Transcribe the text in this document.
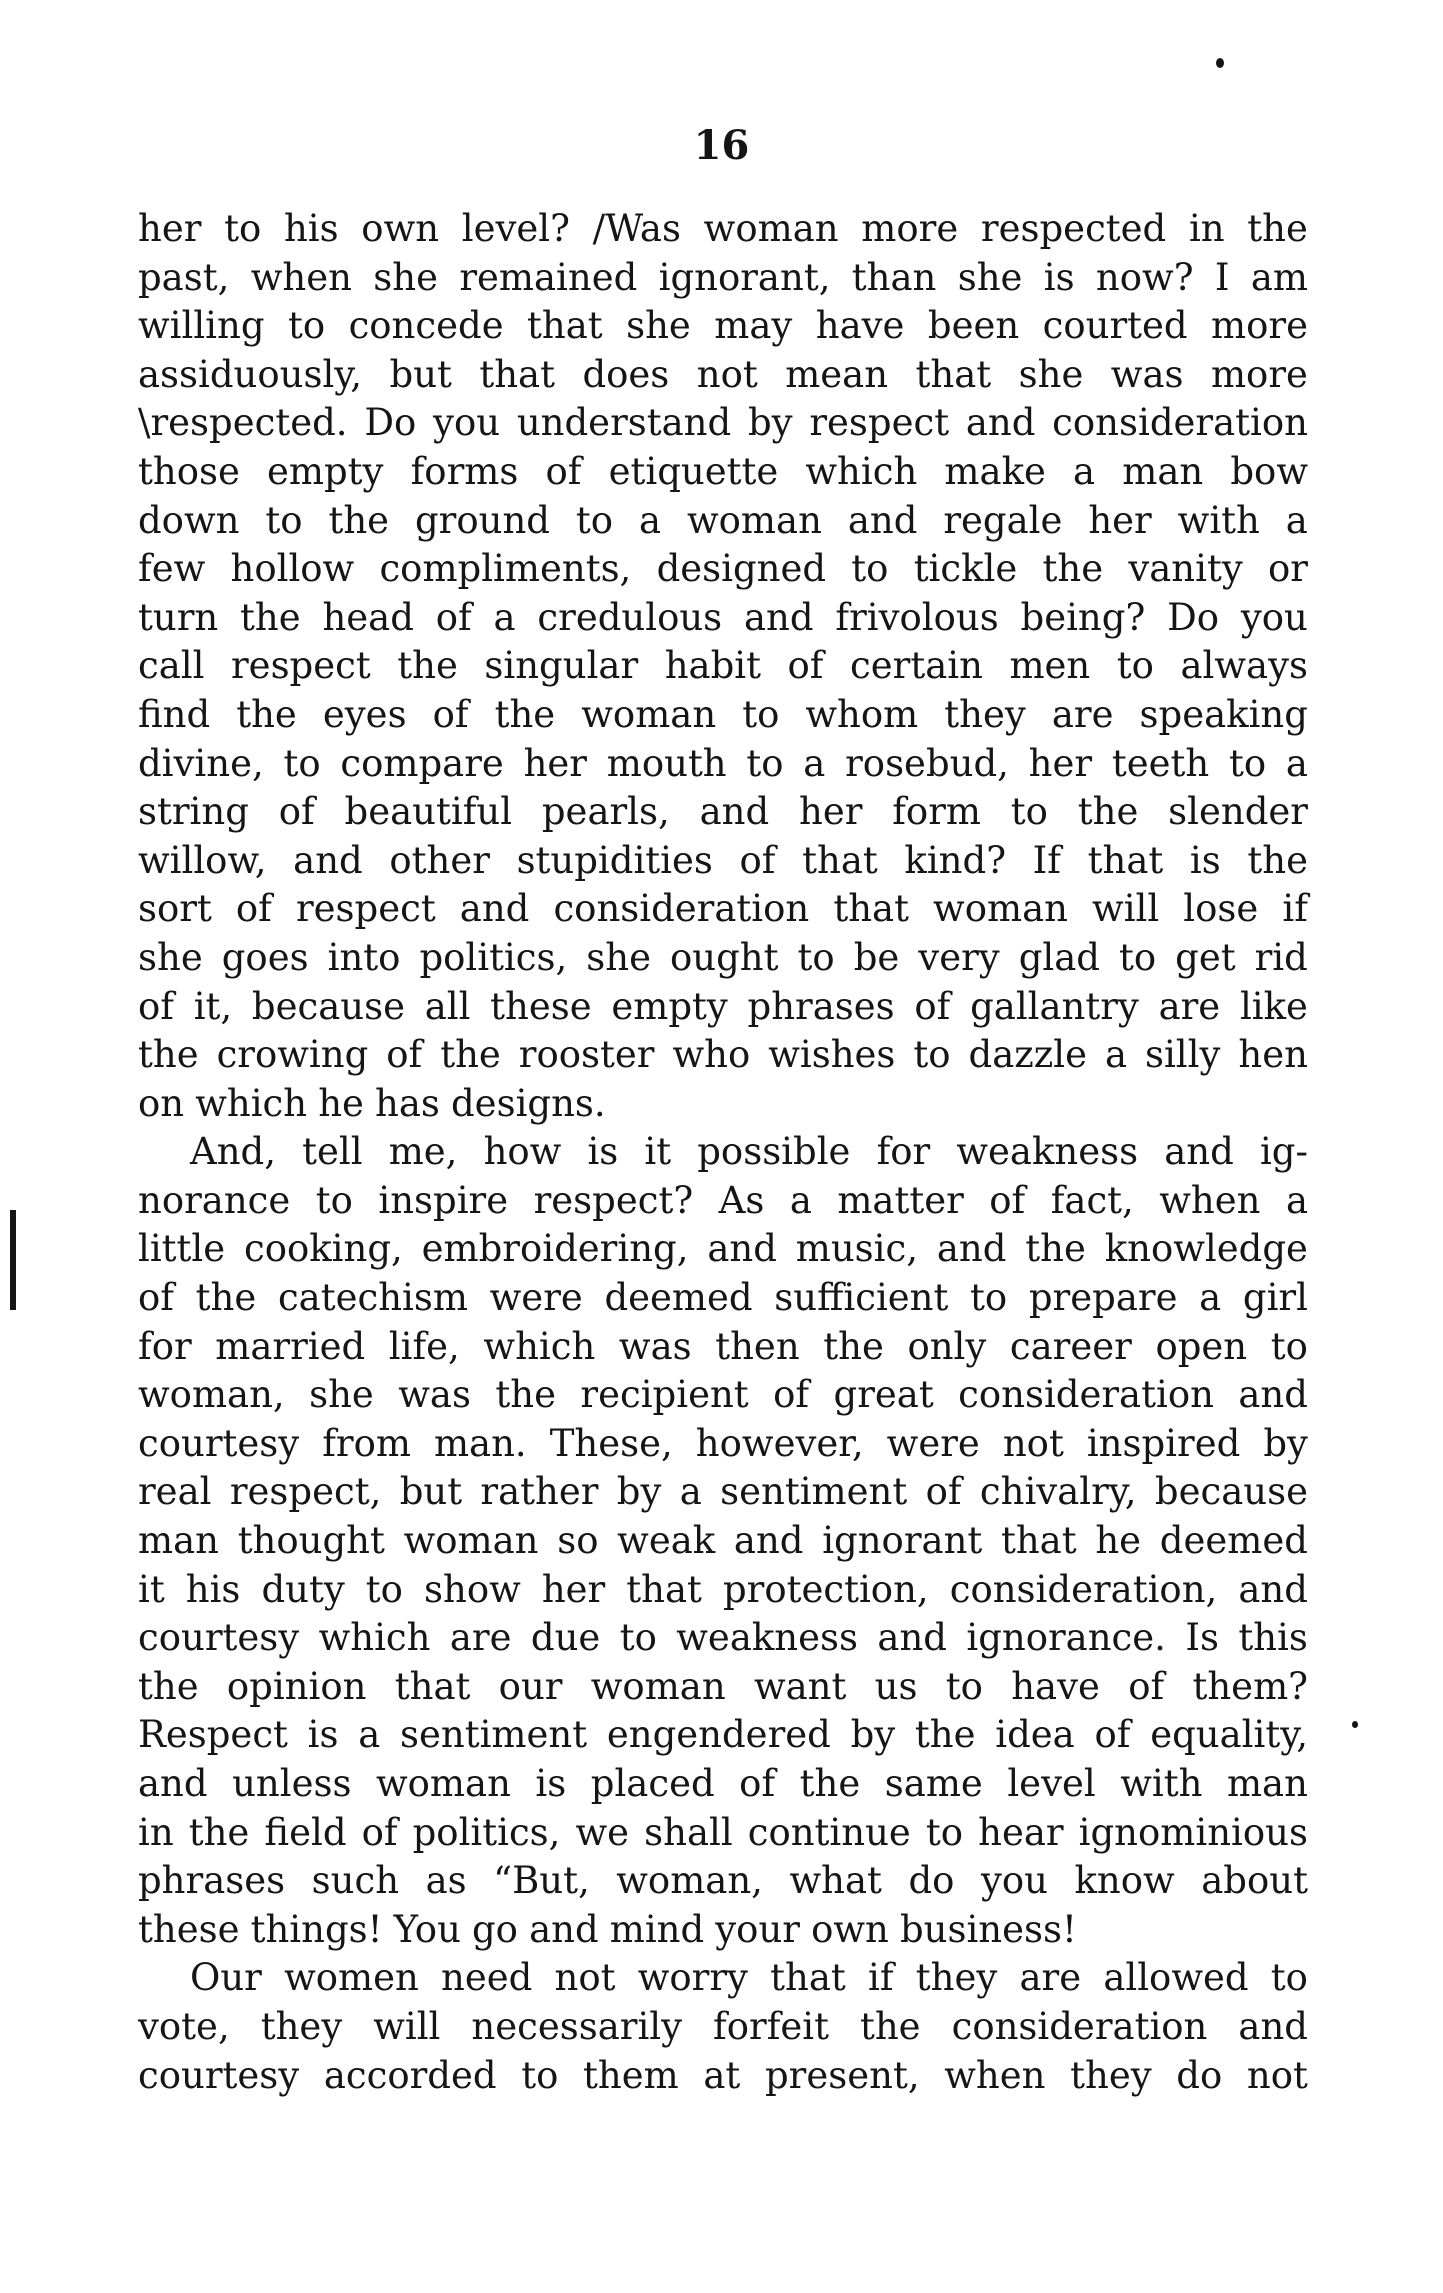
16
her to his own level? /Was woman more respected in the
past, when she remained ignorant, than she is now? I am
willing to concede that she may have been courted more
assiduously, but that does not mean that she was more
\respected. Do you understand by respect and consideration
those empty forms of etiquette which make a man bow
down to the ground to a woman and regale her with a
few hollow compliments, designed to tickle the vanity or
turn the head of a credulous and frivolous being? Do you
call respect the singular habit of certain men to always
find the eyes of the woman to whom they are speaking
divine, to compare her mouth to a rosebud, her teeth to a
string of beautiful pearls, and her form to the slender
willow, and other stupidities of that kind? If that is the
sort of respect and consideration that woman will lose if
she goes into politics, she ought to be very glad to get rid
of it, because all these empty phrases of gallantry are like
the crowing of the rooster who wishes to dazzle a silly hen
on which he has designs.
And, tell me, how is it possible for weakness and ig-
norance to inspire respect? As a matter of fact, when a
little cooking, embroidering, and music, and the knowledge
of the catechism were deemed sufficient to prepare a girl
for married life, which was then the only career open to
woman, she was the recipient of great consideration and
courtesy from man. These, however, were not inspired by
real respect, but rather by a sentiment of chivalry, because
man thought woman so weak and ignorant that he deemed
it his duty to show her that protection, consideration, and
courtesy which are due to weakness and ignorance. Is this
the opinion that our woman want us to have of them?
Respect is a sentiment engendered by the idea of equality,
and unless woman is placed of the same level with man
in the field of politics, we shall continue to hear ignominious
phrases such as “But, woman, what do you know about
these things! You go and mind your own business!
Our women need not worry that if they are allowed to
vote, they will necessarily forfeit the consideration and
courtesy accorded to them at present, when they do not
